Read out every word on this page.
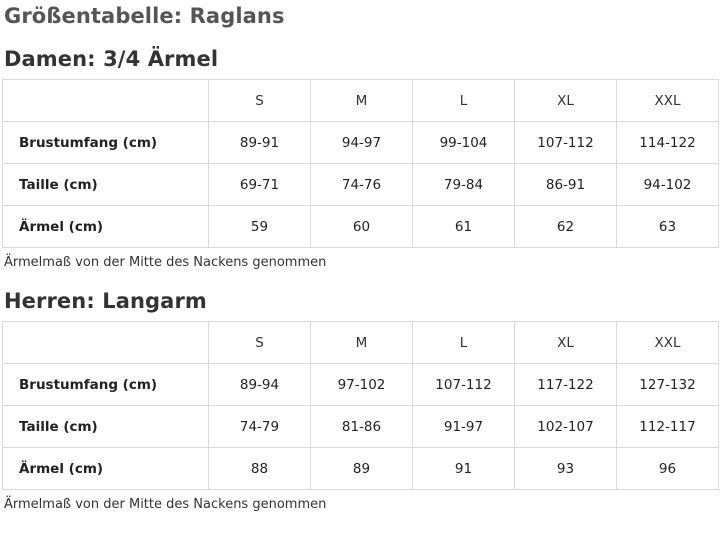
Größentabelle: Raglans
Damen: 3/4 Ärmel
	S	M	L	XL	XXL
Brustumfang (cm)	89-91	94-97	99-104	107-112	114-122
Taille (cm)	69-71	74-76	79-84	86-91	94-102
Ärmel (cm)	59	60	61	62	63
Ärmelmaß von der Mitte des Nackens genommen
Herren: Langarm
	S	M	L	XL	XXL
Brustumfang (cm)	89-94	97-102	107-112	117-122	127-132
Taille (cm)	74-79	81-86	91-97	102-107	112-117
Ärmel (cm)	88	89	91	93	96
Ärmelmaß von der Mitte des Nackens genommen
